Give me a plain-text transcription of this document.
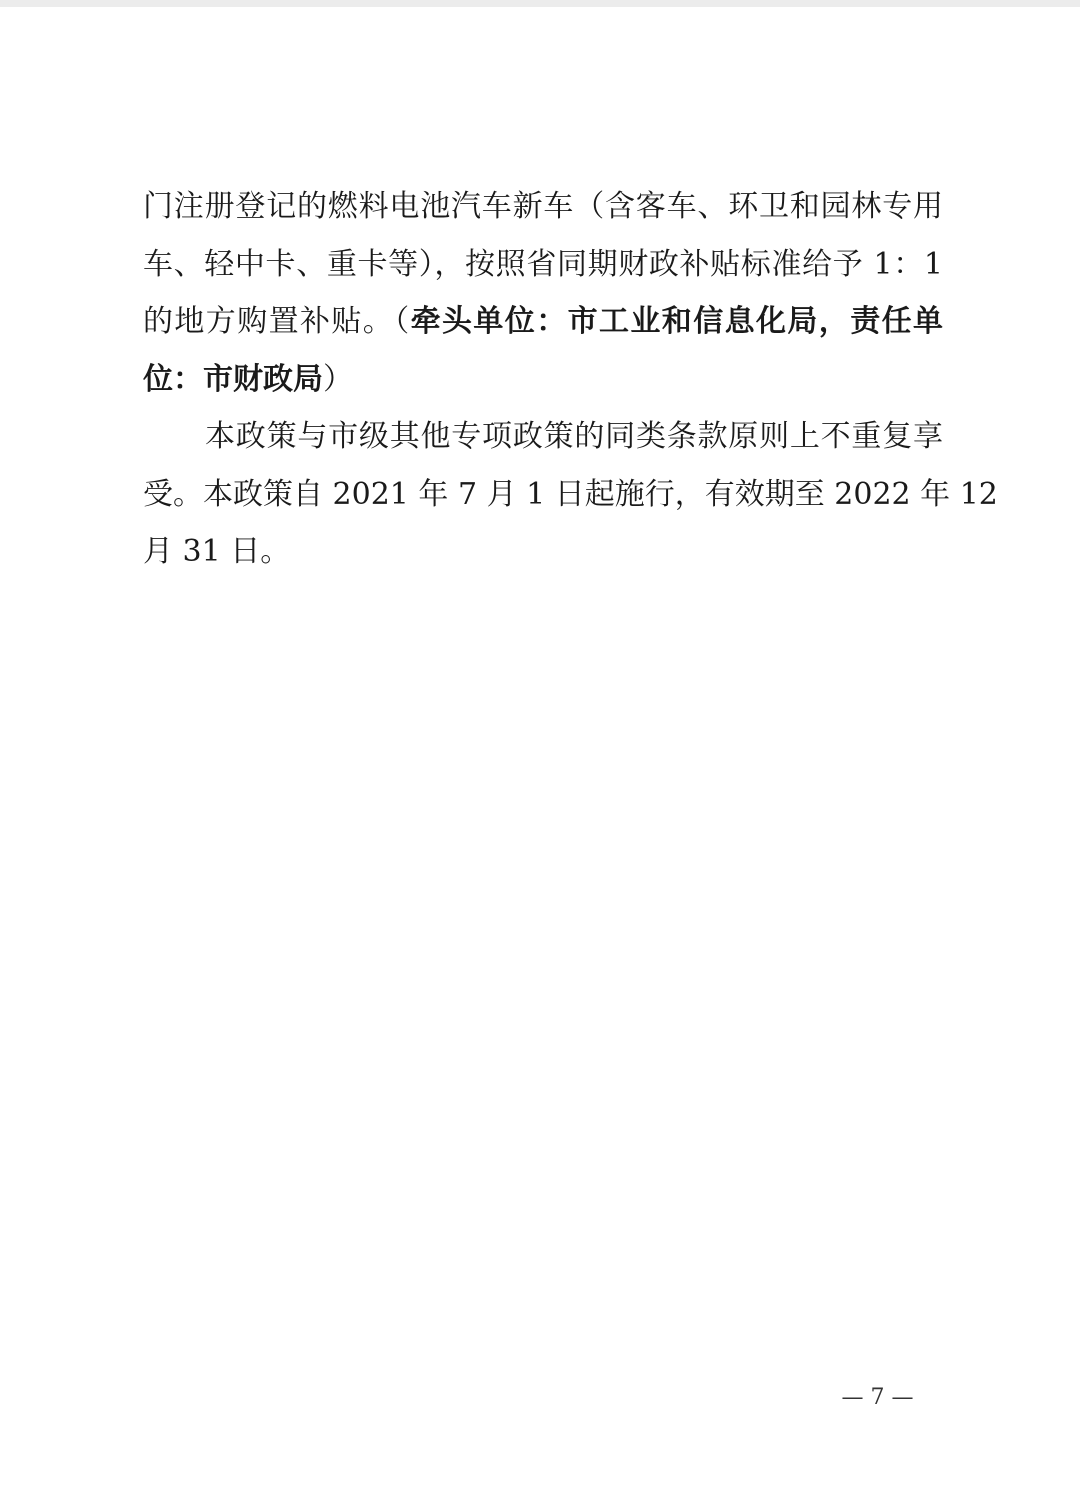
门注册登记的燃料电池汽车新车（含客车、环卫和园林专用
车、轻中卡、重卡等），按照省同期财政补贴标准给予 1：1
的地方购置补贴。（牵头单位：市工业和信息化局，责任单
位：市财政局）
本政策与市级其他专项政策的同类条款原则上不重复享
受。本政策自 2021 年 7 月 1 日起施行，有效期至 2022 年 12
月 31 日。
— 7 —
